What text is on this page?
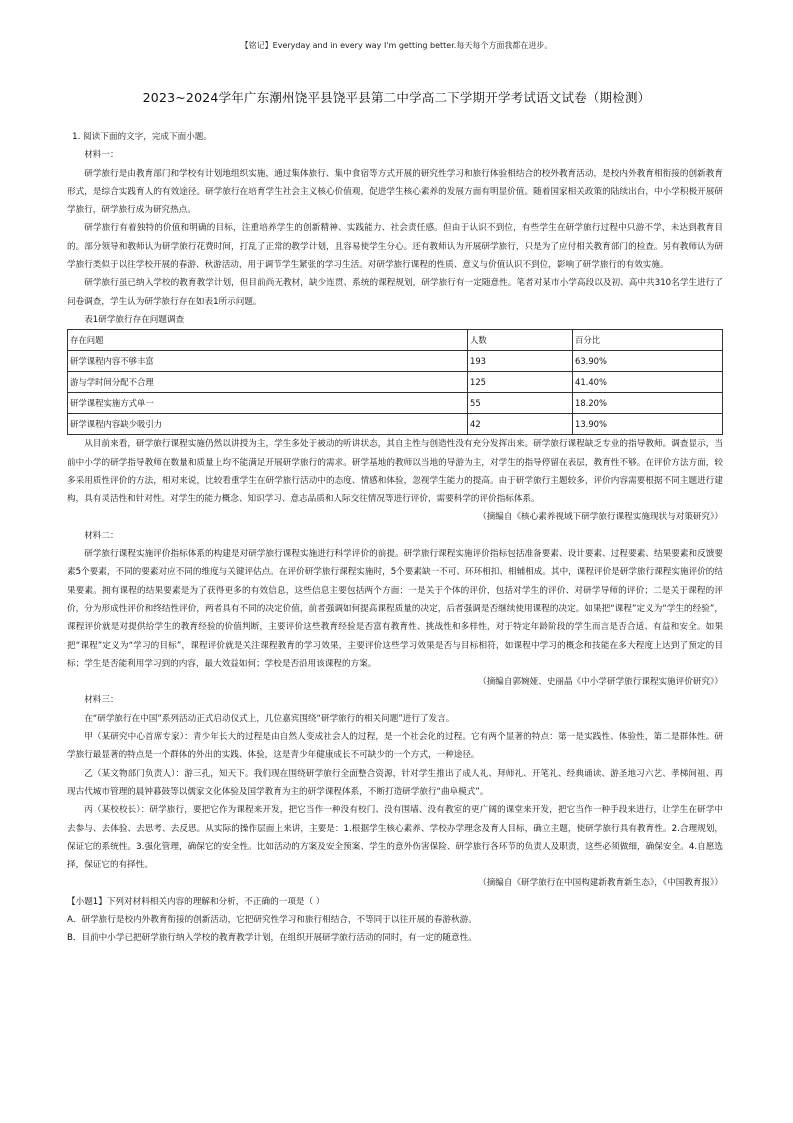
【铭记】Everyday and in every way I'm getting better.每天每个方面我都在进步。
2023~2024学年广东潮州饶平县饶平县第二中学高二下学期开学考试语文试卷（期检测）

1. 阅读下面的文字，完成下面小题。

材料一：

研学旅行是由教育部门和学校有计划地组织实施，通过集体旅行、集中食宿等方式开展的研究性学习和旅行体验相结合的校外教育活动，是校内外教育相衔接的创新教育形式，是综合实践育人的有效途径。研学旅行在培育学生社会主义核心价值观，促进学生核心素养的发展方面有明显价值。随着国家相关政策的陆续出台，中小学积极开展研学旅行，研学旅行成为研究热点。

研学旅行有着独特的价值和明确的目标，注重培养学生的创新精神、实践能力、社会责任感。但由于认识不到位，有些学生在研学旅行过程中只游不学，未达到教育目的。部分领导和教师认为研学旅行花费时间，打乱了正常的教学计划，且容易使学生分心。还有教师认为开展研学旅行，只是为了应付相关教育部门的检查。另有教师认为研学旅行类似于以往学校开展的春游、秋游活动，用于调节学生紧张的学习生活。对研学旅行课程的性质、意义与价值认识不到位，影响了研学旅行的有效实施。

研学旅行虽已纳入学校的教育教学计划，但目前尚无教材，缺少连贯、系统的课程规划，研学旅行有一定随意性。笔者对某市小学高段以及初、高中共310名学生进行了问卷调查，学生认为研学旅行存在如表1所示问题。

表1研学旅行存在问题调查

存在问题	人数	百分比
研学课程内容不够丰富	193	63.90%
游与学时间分配不合理	125	41.40%
研学课程实施方式单一	55	18.20%
研学课程内容缺少吸引力	42	13.90%

从目前来看，研学旅行课程实施仍然以讲授为主，学生多处于被动的听讲状态，其自主性与创造性没有充分发挥出来。研学旅行课程缺乏专业的指导教师。调查显示，当前中小学的研学指导教师在数量和质量上均不能满足开展研学旅行的需求。研学基地的教师以当地的导游为主，对学生的指导停留在表层，教育性不够。在评价方法方面，较多采用质性评价的方法，相对来说，比较看重学生在研学旅行活动中的态度、情感和体验，忽视学生能力的提高。由于研学旅行主题较多，评价内容需要根据不同主题进行建构，具有灵活性和针对性。对学生的能力概念、知识学习、意志品质和人际交往情况等进行评价，需要科学的评价指标体系。

（摘编自《核心素养视域下研学旅行课程实施现状与对策研究》）

材料二：

研学旅行课程实施评价指标体系的构建是对研学旅行课程实施进行科学评价的前提。研学旅行课程实施评价指标包括准备要素、设计要素、过程要素、结果要素和反馈要素5个要素，不同的要素对应不同的维度与关键评估点。在评价研学旅行课程实施时，5个要素缺一不可、环环相扣、相辅相成。其中，课程评价是研学旅行课程实施评价的结果要素。拥有课程的结果要素是为了获得更多的有效信息，这些信息主要包括两个方面：一是关于个体的评价，包括对学生的评价、对研学导师的评价；二是关于课程的评价，分为形成性评价和终结性评价，两者具有不同的决定价值，前者强调如何提高课程质量的决定，后者强调是否继续使用课程的决定。如果把“课程”定义为“学生的经验”，课程评价就是对提供给学生的教育经验的价值判断，主要评价这些教育经验是否富有教育性、挑战性和多样性，对于特定年龄阶段的学生而言是否合适、有益和安全。如果把“课程”定义为“学习的目标”，课程评价就是关注课程教育的学习效果，主要评价这些学习效果是否与目标相符，如课程中学习的概念和技能在多大程度上达到了预定的目标；学生是否能利用学习到的内容，最大效益如何；学校是否沿用该课程的方案。

（摘编自郭婉娅、史丽晶《中小学研学旅行课程实施评价研究》）

材料三：

在“研学旅行在中国”系列活动正式启动仪式上，几位嘉宾围绕“研学旅行的相关问题”进行了发言。

甲（某研究中心首席专家）：青少年长大的过程是由自然人变成社会人的过程，是一个社会化的过程。它有两个显著的特点：第一是实践性、体验性，第二是群体性。研学旅行最显著的特点是一个群体的外出的实践、体验，这是青少年健康成长不可缺少的一个方式，一种途径。

乙（某文物部门负责人）：游三孔，知天下。我们现在围绕研学旅行全面整合资源，针对学生推出了成人礼、拜师礼、开笔礼、经典诵读、游圣地习六艺、孝梯间祖、再现古代城市管理的晨钟暮鼓等以儒家文化体验及国学教育为主的研学课程体系，不断打造研学旅行“曲阜模式”。

丙（某校校长）：研学旅行，要把它作为课程来开发，把它当作一种没有校门、没有围墙、没有教室的更广阔的课堂来开发，把它当作一种手段来进行，让学生在研学中去参与、去体验、去思考、去反思。从实际的操作层面上来讲，主要是：1.根据学生核心素养、学校办学理念及育人目标，确立主题，使研学旅行具有教育性。2.合理规划，保证它的系统性。3.强化管理，确保它的安全性。比如活动的方案及安全预案、学生的意外伤害保险、研学旅行各环节的负责人及职责，这些必须做细，确保安全。4.自愿选择，保证它的有择性。

（摘编自《研学旅行在中国构建新教育新生态》，《中国教育报》）

【小题1】下列对材料相关内容的理解和分析，不正确的一项是（ ）

A．研学旅行是校内外教育衔接的创新活动，它把研究性学习和旅行相结合，不等同于以往开展的春游秋游。

B．目前中小学已把研学旅行纳入学校的教育教学计划，在组织开展研学旅行活动的同时，有一定的随意性。
